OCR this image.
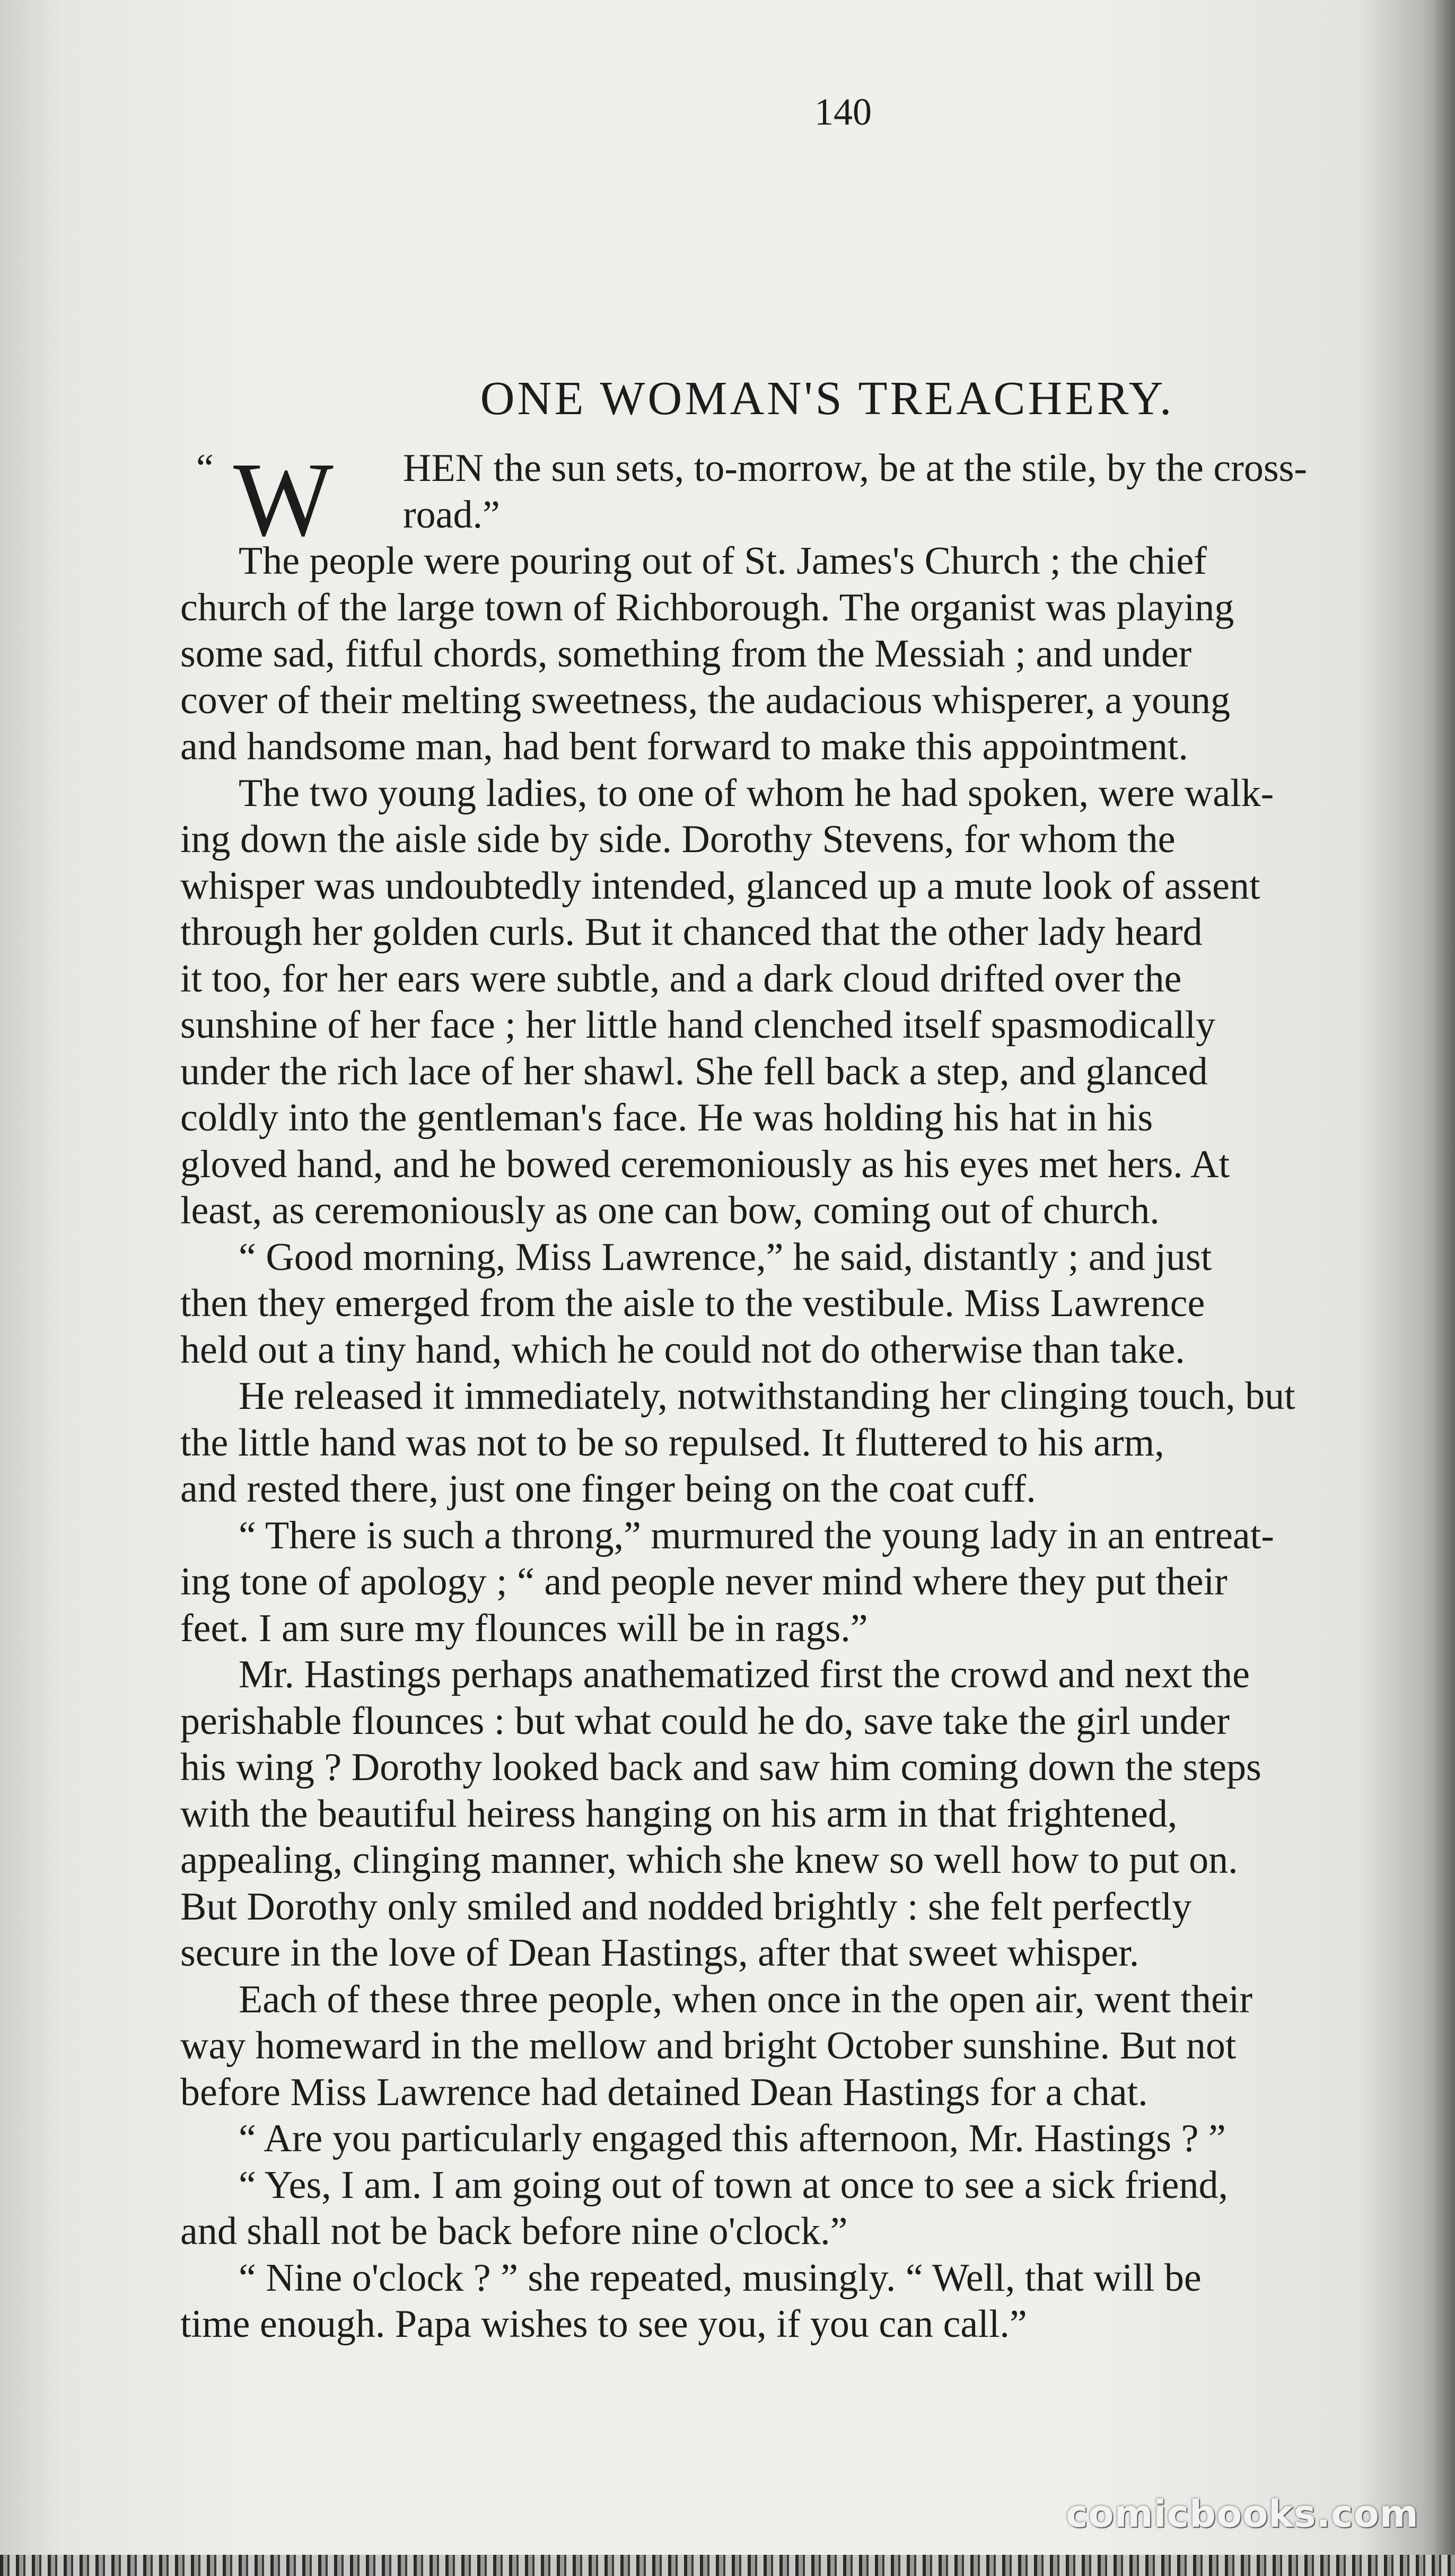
140
ONE WOMAN'S TREACHERY.
“ W HEN the sun sets, to-morrow, be at the stile, by the cross-
road.”
The people were pouring out of St. James's Church ; the chief
church of the large town of Richborough. The organist was playing
some sad, fitful chords, something from the Messiah ; and under
cover of their melting sweetness, the audacious whisperer, a young
and handsome man, had bent forward to make this appointment.
The two young ladies, to one of whom he had spoken, were walk-
ing down the aisle side by side. Dorothy Stevens, for whom the
whisper was undoubtedly intended, glanced up a mute look of assent
through her golden curls. But it chanced that the other lady heard
it too, for her ears were subtle, and a dark cloud drifted over the
sunshine of her face ; her little hand clenched itself spasmodically
under the rich lace of her shawl. She fell back a step, and glanced
coldly into the gentleman's face. He was holding his hat in his
gloved hand, and he bowed ceremoniously as his eyes met hers. At
least, as ceremoniously as one can bow, coming out of church.
“ Good morning, Miss Lawrence,” he said, distantly ; and just
then they emerged from the aisle to the vestibule. Miss Lawrence
held out a tiny hand, which he could not do otherwise than take.
He released it immediately, notwithstanding her clinging touch, but
the little hand was not to be so repulsed. It fluttered to his arm,
and rested there, just one finger being on the coat cuff.
“ There is such a throng,” murmured the young lady in an entreat-
ing tone of apology ; “ and people never mind where they put their
feet. I am sure my flounces will be in rags.”
Mr. Hastings perhaps anathematized first the crowd and next the
perishable flounces : but what could he do, save take the girl under
his wing ? Dorothy looked back and saw him coming down the steps
with the beautiful heiress hanging on his arm in that frightened,
appealing, clinging manner, which she knew so well how to put on.
But Dorothy only smiled and nodded brightly : she felt perfectly
secure in the love of Dean Hastings, after that sweet whisper.
Each of these three people, when once in the open air, went their
way homeward in the mellow and bright October sunshine. But not
before Miss Lawrence had detained Dean Hastings for a chat.
“ Are you particularly engaged this afternoon, Mr. Hastings ? ”
“ Yes, I am. I am going out of town at once to see a sick friend,
and shall not be back before nine o'clock.”
“ Nine o'clock ? ” she repeated, musingly. “ Well, that will be
time enough. Papa wishes to see you, if you can call.”
comicbooks.com
